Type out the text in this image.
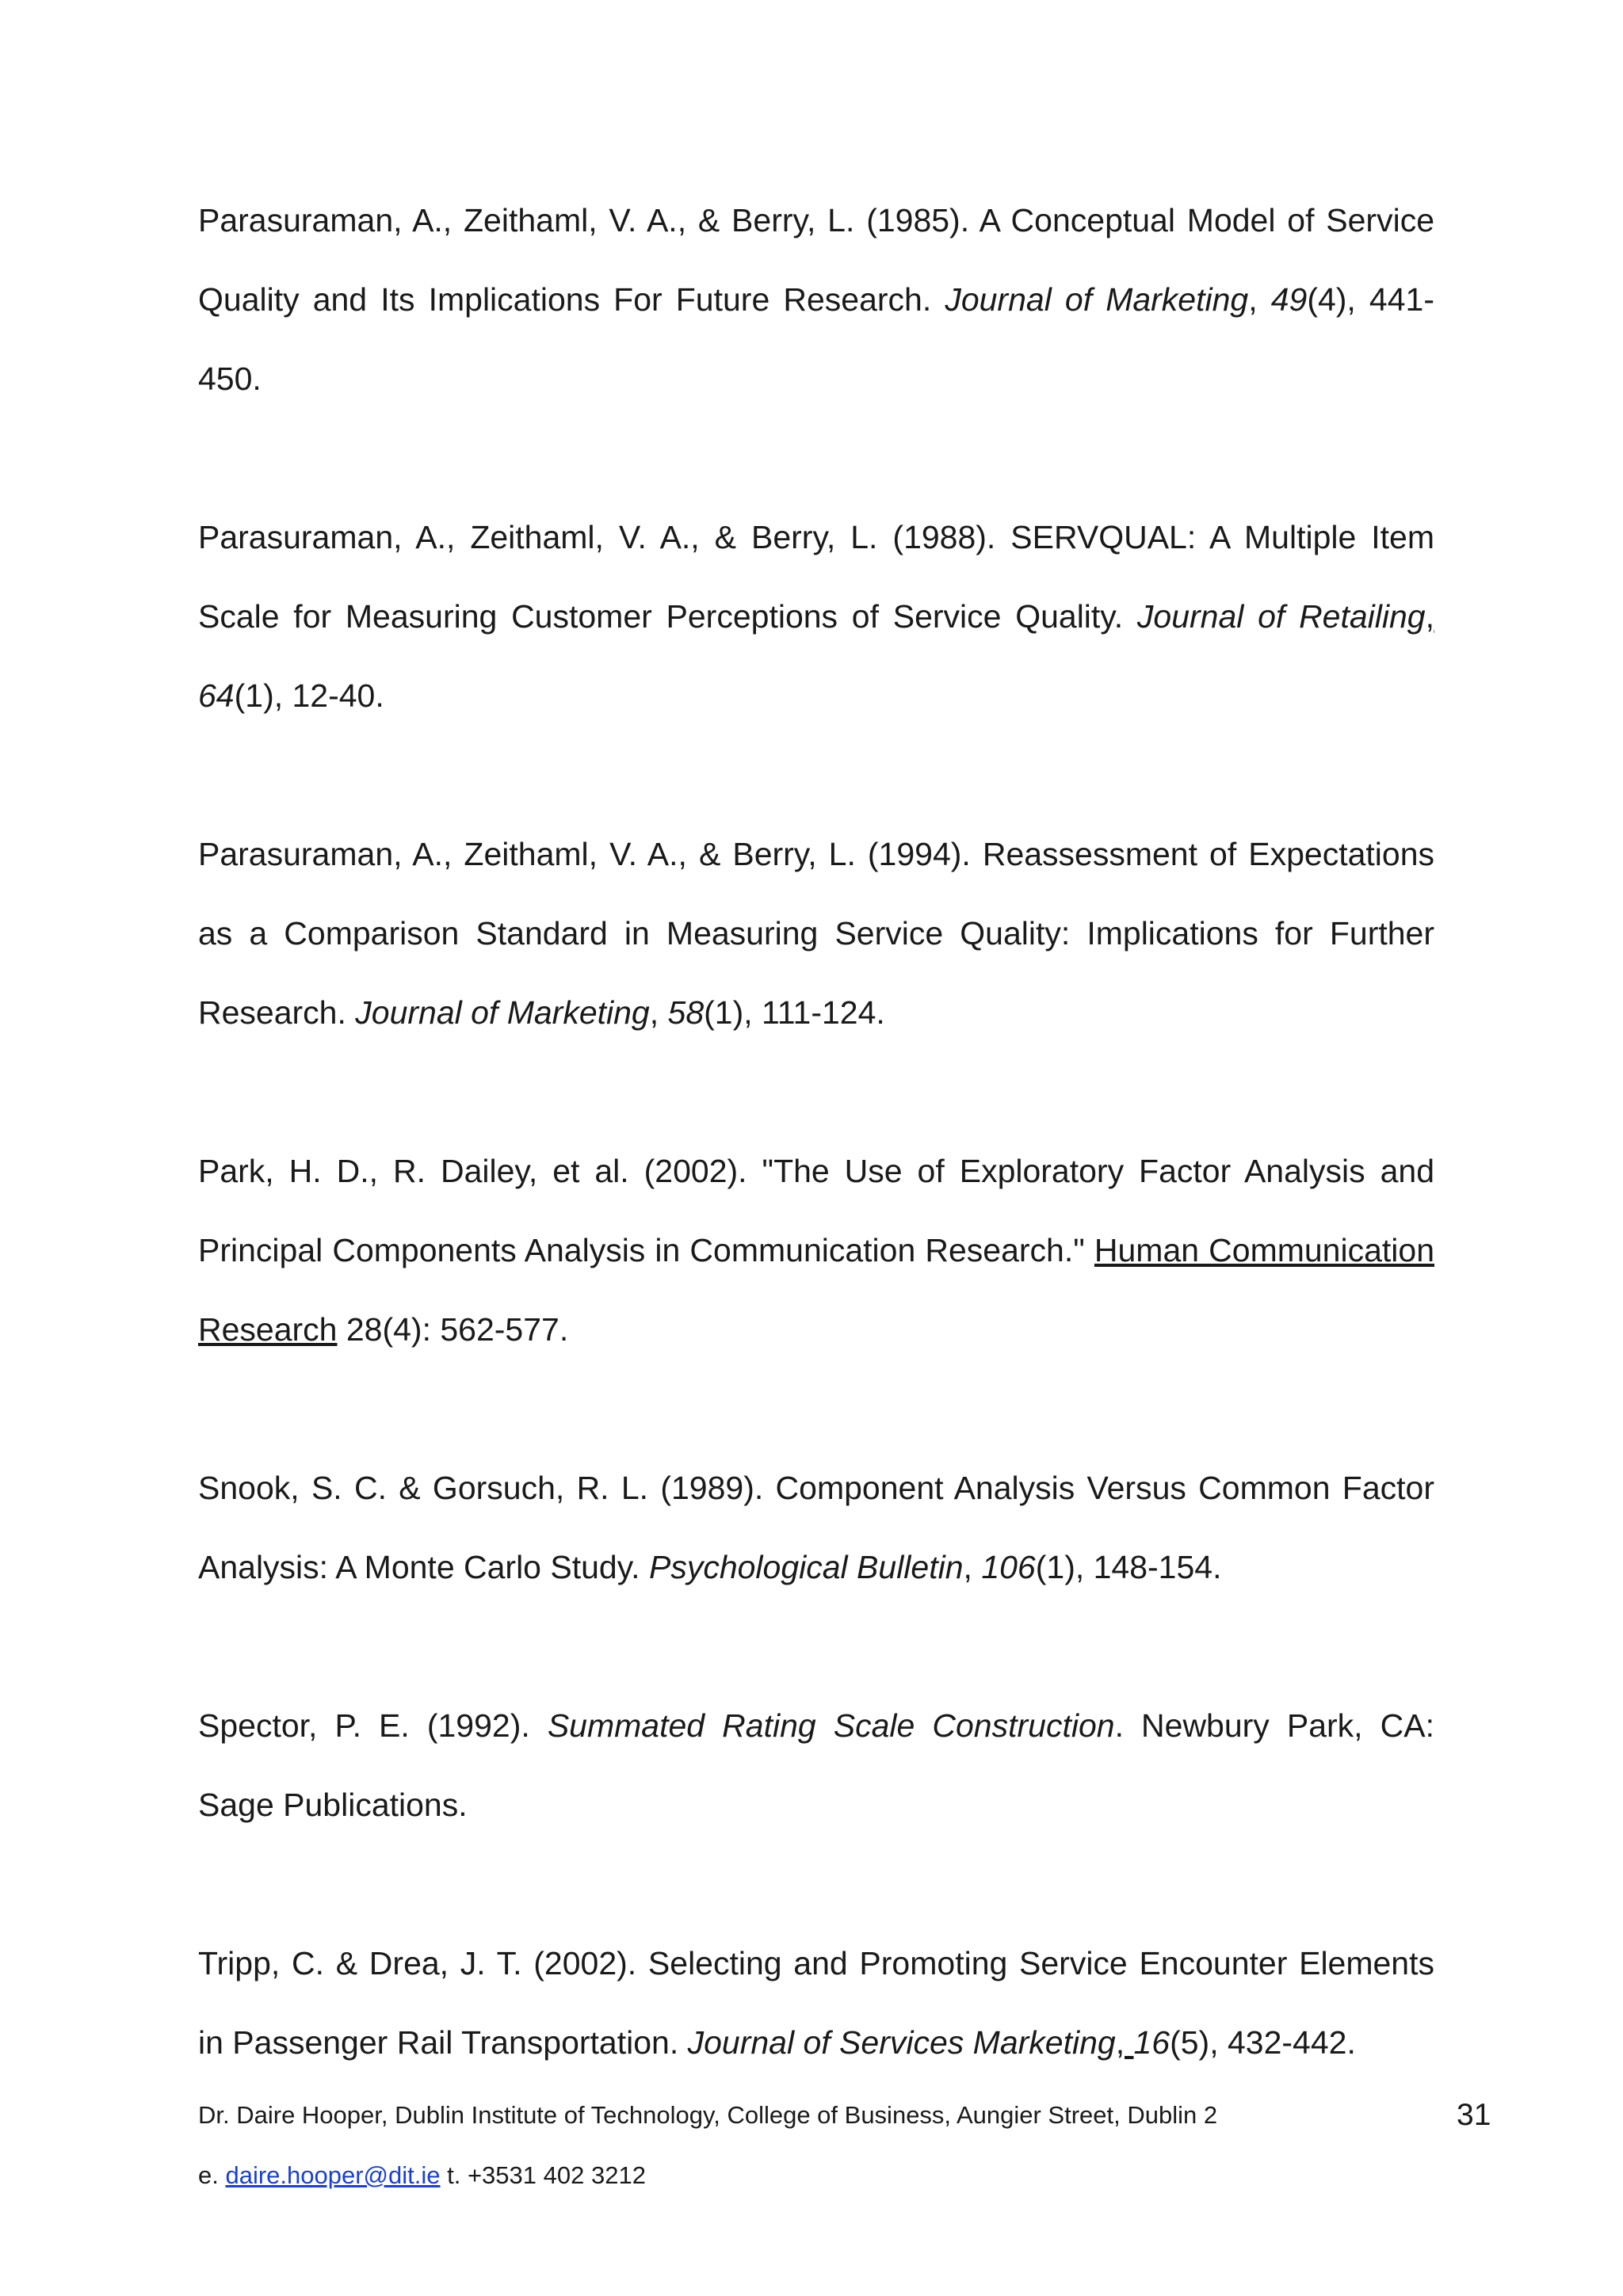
Parasuraman, A., Zeithaml, V. A., & Berry, L. (1985). A Conceptual Model of Service Quality and Its Implications For Future Research. Journal of Marketing, 49(4), 441-450.

Parasuraman, A., Zeithaml, V. A., & Berry, L. (1988). SERVQUAL: A Multiple Item Scale for Measuring Customer Perceptions of Service Quality. Journal of Retailing, 64(1), 12-40.

Parasuraman, A., Zeithaml, V. A., & Berry, L. (1994). Reassessment of Expectations as a Comparison Standard in Measuring Service Quality: Implications for Further Research. Journal of Marketing, 58(1), 111-124.

Park, H. D., R. Dailey, et al. (2002). "The Use of Exploratory Factor Analysis and Principal Components Analysis in Communication Research." Human Communication Research 28(4): 562-577.

Snook, S. C. & Gorsuch, R. L. (1989). Component Analysis Versus Common Factor Analysis: A Monte Carlo Study. Psychological Bulletin, 106(1), 148-154.

Spector, P. E. (1992). Summated Rating Scale Construction. Newbury Park, CA: Sage Publications.

Tripp, C. & Drea, J. T. (2002). Selecting and Promoting Service Encounter Elements in Passenger Rail Transportation. Journal of Services Marketing, 16(5), 432-442.

Dr. Daire Hooper, Dublin Institute of Technology, College of Business, Aungier Street, Dublin 2
e. daire.hooper@dit.ie t. +3531 402 3212
31
